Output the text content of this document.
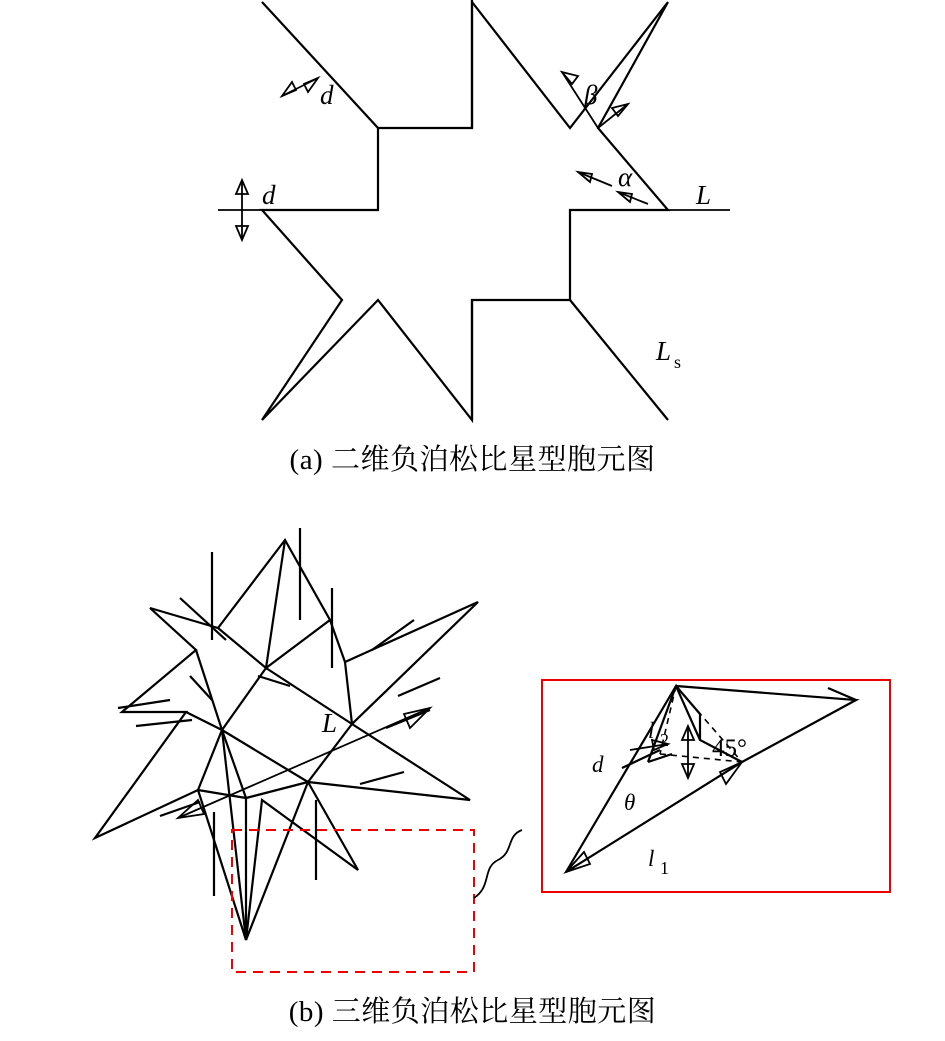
d
d
β
α
L
L s
(a) 二维负泊松比星型胞元图
L	l 2
d
θ
l 1
45°
(b) 三维负泊松比星型胞元图
